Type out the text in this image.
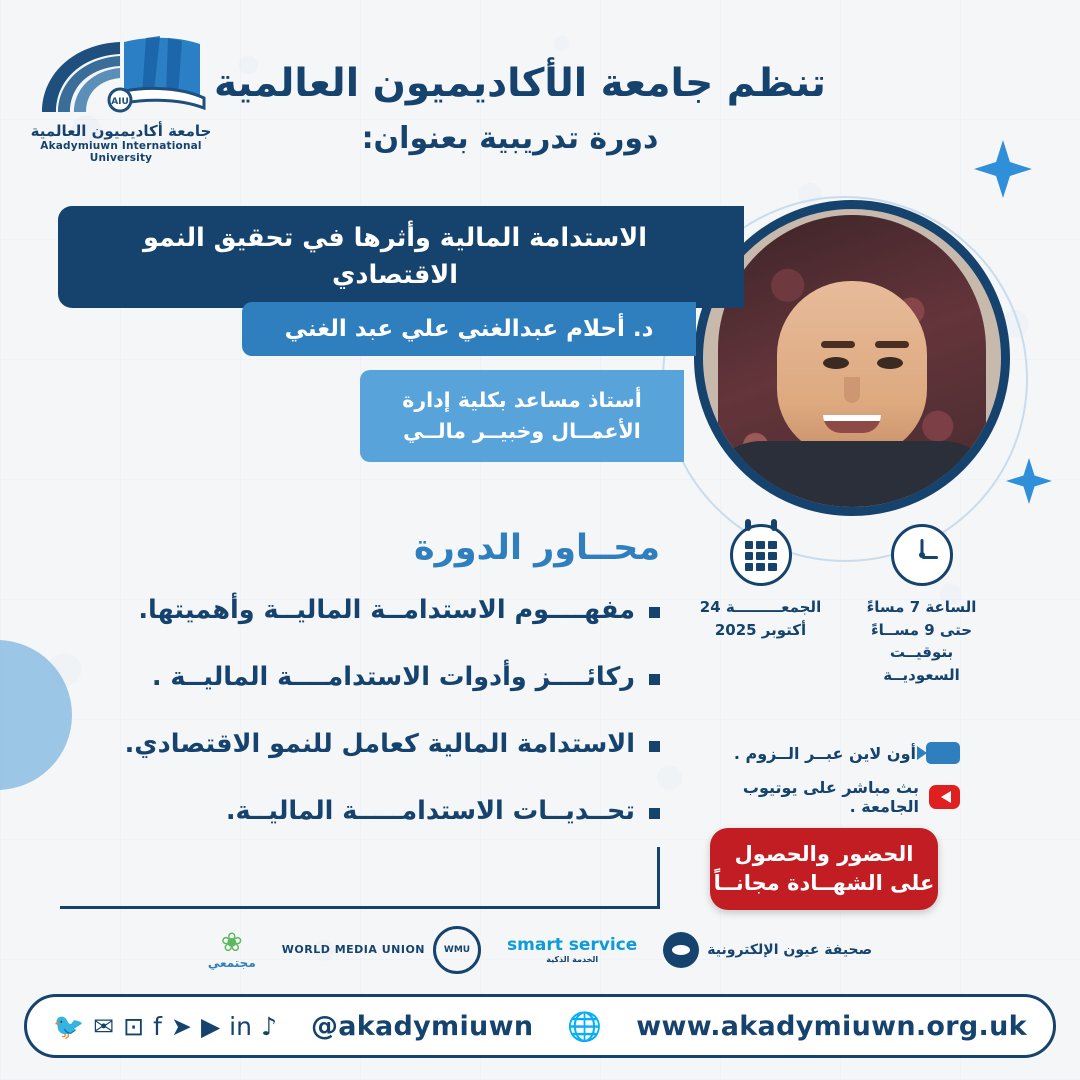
تنظم جامعة الأكاديميون العالمية
دورة تدريبية بعنوان:
AIU
جامعة أكاديميون العالمية
Akadymiuwn International University
الاستدامة المالية وأثرها في تحقيق النمو الاقتصادي
د. أحلام عبدالغني علي عبد الغني
أستاذ مساعد بكلية إدارة الأعمــال وخبيــر مالــي
الساعة 7 مساءً حتى 9 مســاءً بتوقيــت السعوديــة
الجمعـــــــــة 24 أكتوبر 2025
أون لاين عبــر الــزوم .
بث مباشر على يوتيوب الجامعة .
الحضور والحصول على الشهــادة مجانــاً
محــاور الدورة
مفهــــوم الاستدامــة الماليــة وأهميتها.
ركائــــز وأدوات الاستدامــــة الماليــة .
الاستدامة المالية كعامل للنمو الاقتصادي.
تحــديــات الاستدامـــــة الماليــة.
صحيفة عيون الإلكترونية
smart service
الخدمة الذكية
WMU
WORLD MEDIA UNION
❀
مجتمعي
🐦 ✉ ⊡ f ➤ ▶ in ♪ @akadymiuwn 🌐 www.akadymiuwn.org.uk
